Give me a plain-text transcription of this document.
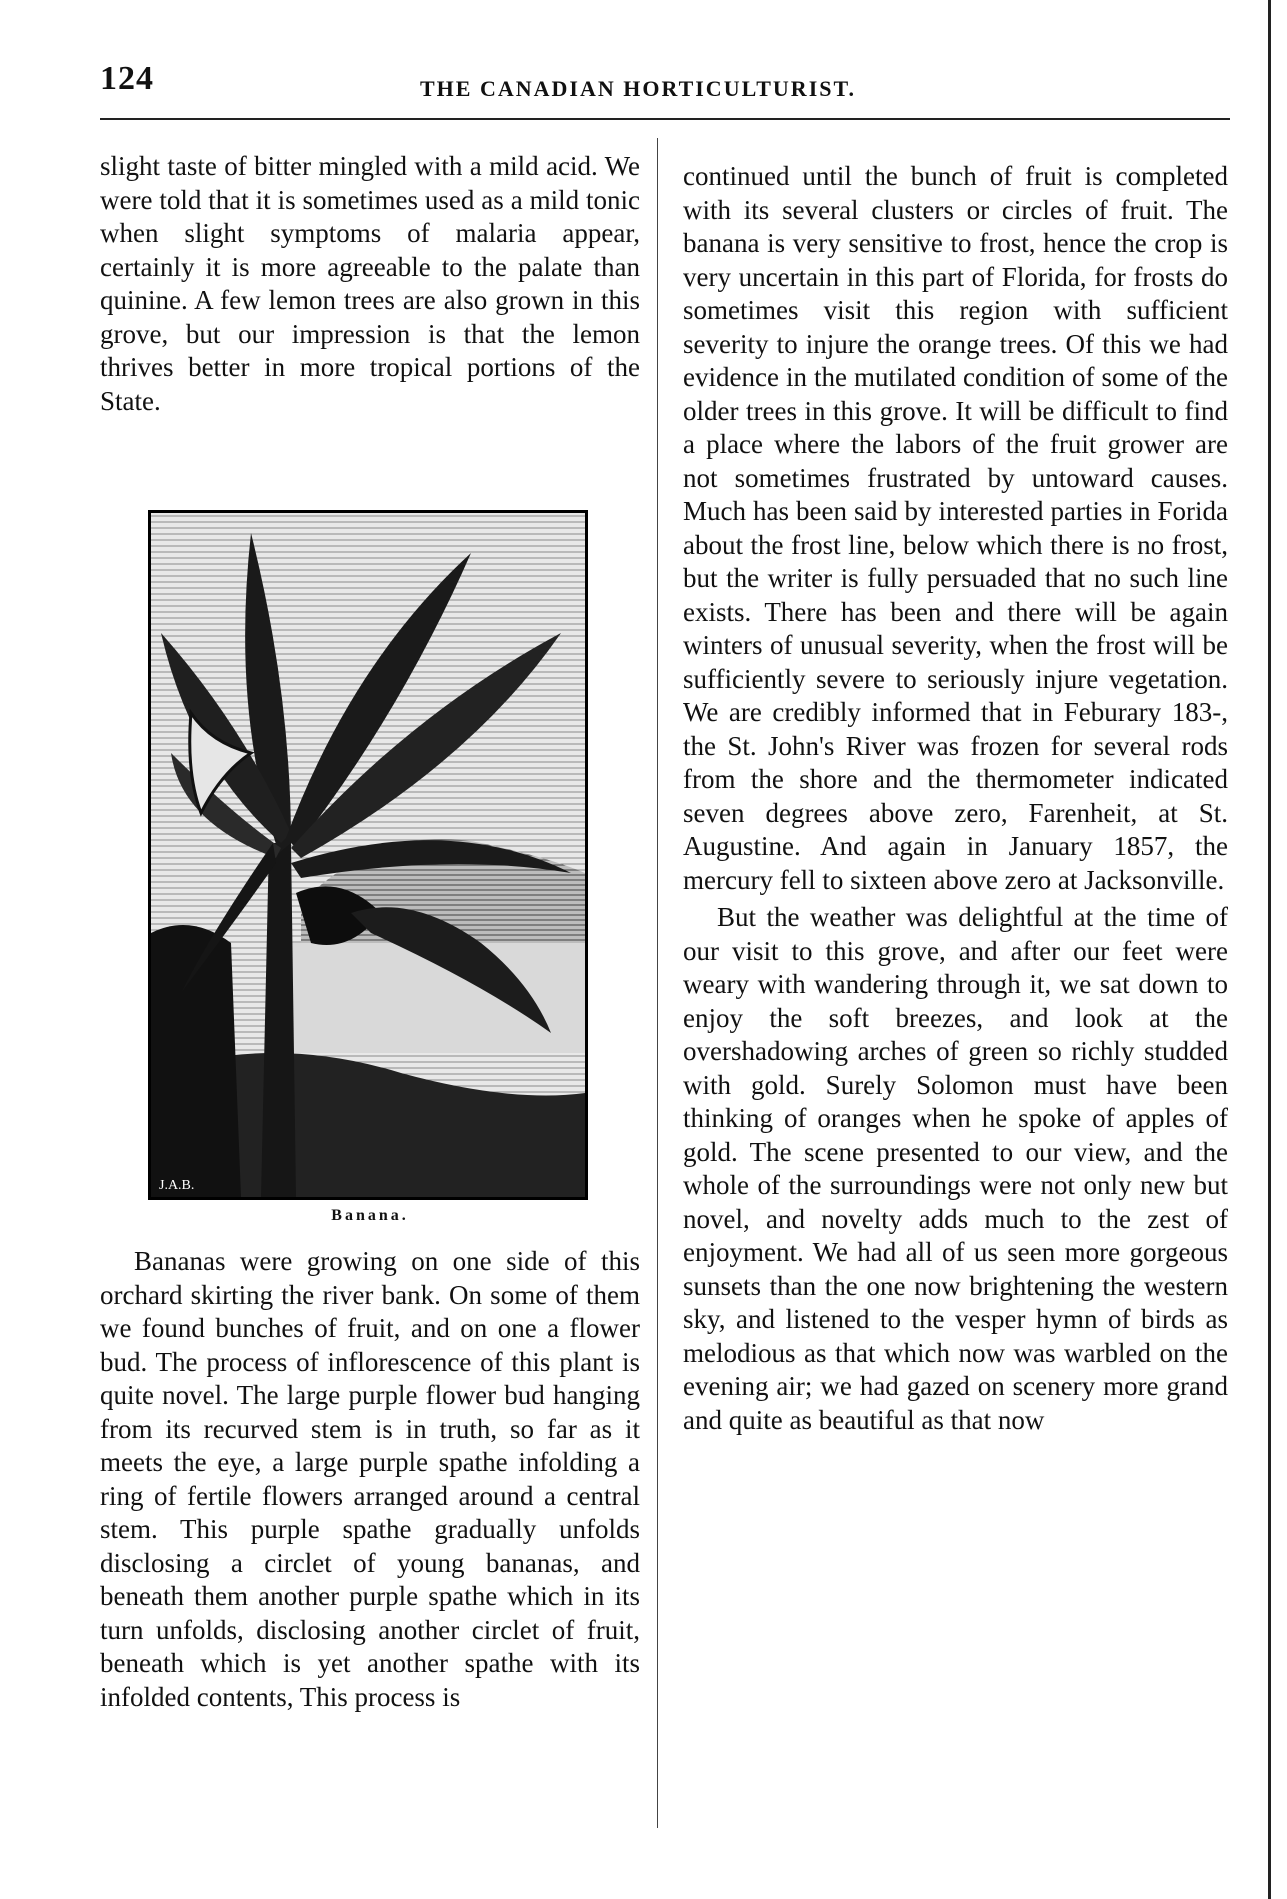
124	THE CANADIAN HORTICULTURIST.

slight taste of bitter mingled with a mild acid. We were told that it is sometimes used as a mild tonic when slight symptoms of malaria appear, certainly it is more agreeable to the palate than quinine. A few lemon trees are also grown in this grove, but our impression is that the lemon thrives better in more tropical portions of the State.

J.A.B.
Banana.

Bananas were growing on one side of this orchard skirting the river bank. On some of them we found bunches of fruit, and on one a flower bud. The process of inflorescence of this plant is quite novel. The large purple flower bud hanging from its recurved stem is in truth, so far as it meets the eye, a large purple spathe infolding a ring of fertile flowers arranged around a central stem. This purple spathe gradually unfolds disclosing a circlet of young bananas, and beneath them another purple spathe which in its turn unfolds, disclosing another circlet of fruit, beneath which is yet another spathe with its infolded contents, This process is

continued until the bunch of fruit is completed with its several clusters or circles of fruit. The banana is very sensitive to frost, hence the crop is very uncertain in this part of Florida, for frosts do sometimes visit this region with sufficient severity to injure the orange trees. Of this we had evidence in the mutilated condition of some of the older trees in this grove. It will be difficult to find a place where the labors of the fruit grower are not sometimes frustrated by untoward causes. Much has been said by interested parties in Forida about the frost line, below which there is no frost, but the writer is fully persuaded that no such line exists. There has been and there will be again winters of unusual severity, when the frost will be sufficiently severe to seriously injure vegetation. We are credibly informed that in Feburary 183-, the St. John's River was frozen for several rods from the shore and the thermometer indicated seven degrees above zero, Farenheit, at St. Augustine. And again in January 1857, the mercury fell to sixteen above zero at Jacksonville.

But the weather was delightful at the time of our visit to this grove, and after our feet were weary with wandering through it, we sat down to enjoy the soft breezes, and look at the overshadowing arches of green so richly studded with gold. Surely Solomon must have been thinking of oranges when he spoke of apples of gold. The scene presented to our view, and the whole of the surroundings were not only new but novel, and novelty adds much to the zest of enjoyment. We had all of us seen more gorgeous sunsets than the one now brightening the western sky, and listened to the vesper hymn of birds as melodious as that which now was warbled on the evening air; we had gazed on scenery more grand and quite as beautiful as that now
